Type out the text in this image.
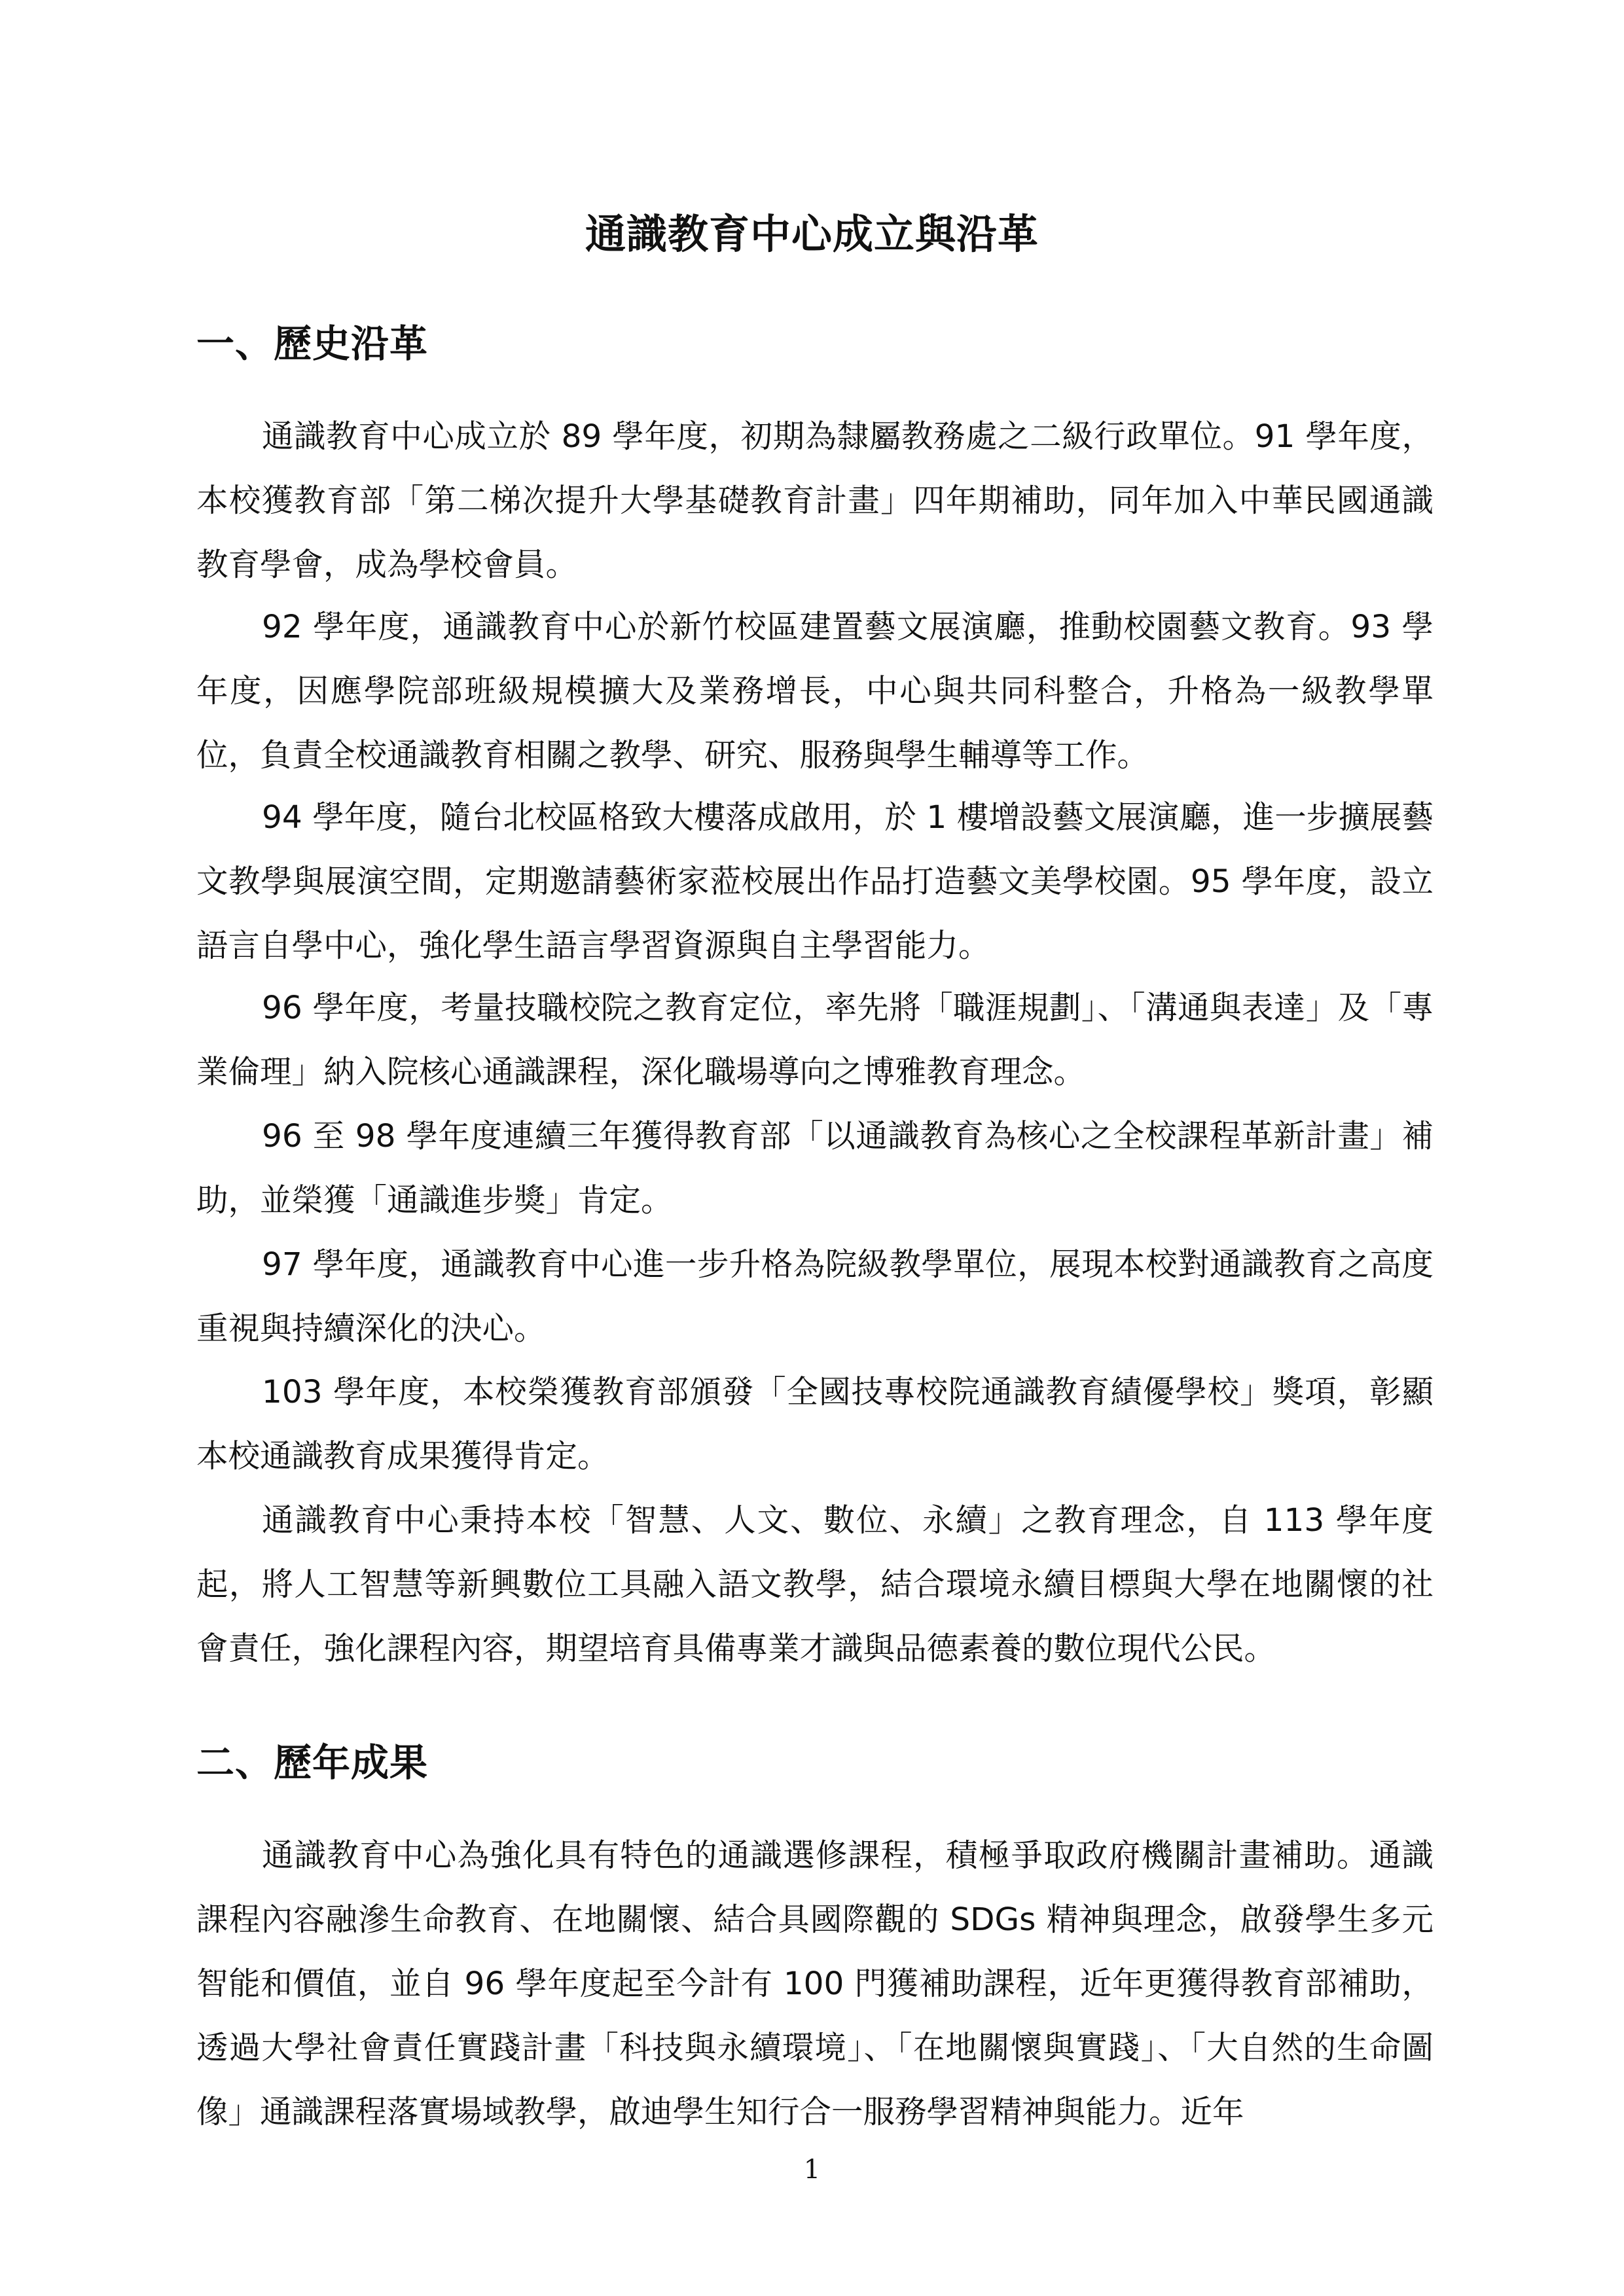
通識教育中心成立與沿革
一、歷史沿革

通識教育中心成立於 89 學年度，初期為隸屬教務處之二級行政單位。91 學年度，本校獲教育部「第二梯次提升大學基礎教育計畫」四年期補助，同年加入中華民國通識教育學會，成為學校會員。

92 學年度，通識教育中心於新竹校區建置藝文展演廳，推動校園藝文教育。93 學年度，因應學院部班級規模擴大及業務增長，中心與共同科整合，升格為一級教學單位，負責全校通識教育相關之教學、研究、服務與學生輔導等工作。

94 學年度，隨台北校區格致大樓落成啟用，於 1 樓增設藝文展演廳，進一步擴展藝文教學與展演空間，定期邀請藝術家蒞校展出作品打造藝文美學校園。95 學年度，設立語言自學中心，強化學生語言學習資源與自主學習能力。

96 學年度，考量技職校院之教育定位，率先將「職涯規劃」、「溝通與表達」及「專業倫理」納入院核心通識課程，深化職場導向之博雅教育理念。

96 至 98 學年度連續三年獲得教育部「以通識教育為核心之全校課程革新計畫」補助，並榮獲「通識進步獎」肯定。

97 學年度，通識教育中心進一步升格為院級教學單位，展現本校對通識教育之高度重視與持續深化的決心。

103 學年度，本校榮獲教育部頒發「全國技專校院通識教育績優學校」獎項，彰顯本校通識教育成果獲得肯定。

通識教育中心秉持本校「智慧、人文、數位、永續」之教育理念，自 113 學年度起，將人工智慧等新興數位工具融入語文教學，結合環境永續目標與大學在地關懷的社會責任，強化課程內容，期望培育具備專業才識與品德素養的數位現代公民。

二、歷年成果

通識教育中心為強化具有特色的通識選修課程，積極爭取政府機關計畫補助。通識課程內容融滲生命教育、在地關懷、結合具國際觀的 SDGs 精神與理念，啟發學生多元智能和價值，並自 96 學年度起至今計有 100 門獲補助課程，近年更獲得教育部補助，透過大學社會責任實踐計畫「科技與永續環境」、「在地關懷與實踐」、「大自然的生命圖像」通識課程落實場域教學，啟迪學生知行合一服務學習精神與能力。近年

1
